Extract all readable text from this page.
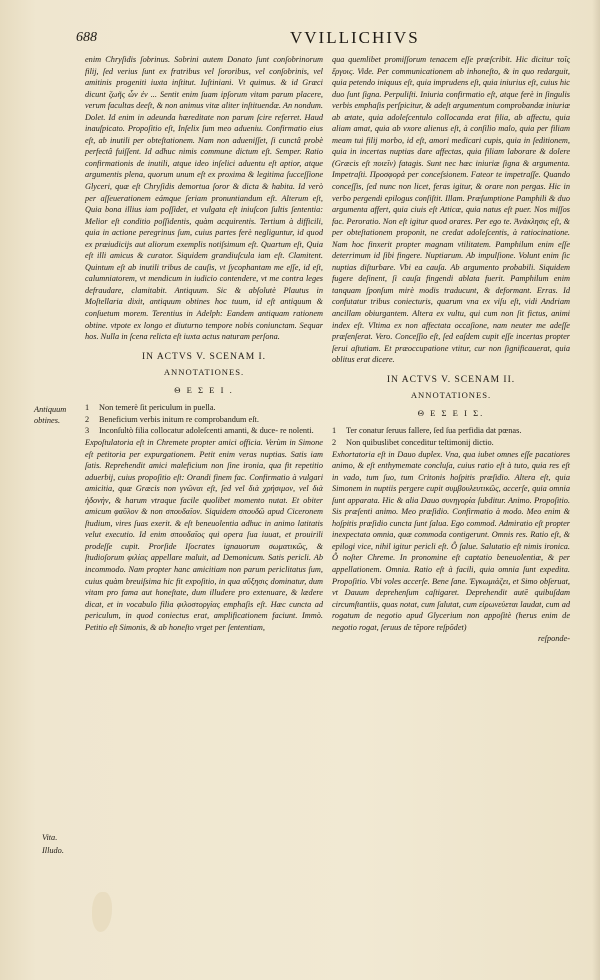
688	VVILLICHIVS

enim Chryſidis ſobrinus. Sobrini autem Donato ſunt conſobrinorum filij, ſed verius ſunt ex fratribus vel ſororibus, vel conſobrinis, vel amitinis progeniti iuxta inſtitut. Iuſtiniani. Vt quimus. & id Græci dicunt ζωῆς ὦν ἐν ... Sentit enim ſuam ipſorum vitam parum placere, verum facultas deeſt, & non animus vitæ aliter inſtituendæ. An nondum. Dolet. Id enim in adeunda hæreditate non parum ſcire referret. Haud inauſpicato. Propoſitio eſt, Inſelix ſum meo adueniu. Confirmatio eius eſt, ab inutili per obteſtationem. Nam non adueniſſet, ſi cunctâ probè perfectâ fuiſſent. Id adhuc nimis commune dictum eſt. Semper. Ratio confirmationis de inutili, atque ideo inſelici aduentu eſt aptior, atque argumentis plena, quorum unum eſt ex proxima & legitima ſucceſſione Glyceri, quæ eſt Chryſidis demortua ſoror & dicta & habita. Id verò per aſſeuerationem eámque ſeriam pronuntiandum eſt. Alterum eſt, Quia bona illius iam poſſidet, et vulgata eſt iniuſcon ſultis ſententia: Melior eſt conditio poſſidentis, quàm acquirentis. Tertium à difficili, quia in actione peregrinus ſum, cuius partes ferè negliguntur, id quod ex præiudicijs aut aliorum exemplis notiſsimum eſt. Quartum eſt, Quia eſt illi amicus & curator. Siquidem grandiuſcula iam eſt. Clamitent. Quintum eſt ab inutili tribus de cauſis, vt ſycophantam me eſſe, id eſt, calumniatorem, vt mendicum in iudicio contendere, vt me contra leges defraudare, clamitabit. Antiquum. Sic & abſolutè Plautus in Moſtellaria dixit, antiquum obtines hoc tuum, id eſt antiquum & conſuetum morem. Terentius in Adelph: Eandem antiquam rationem obtine. vtpote ex longo et diuturno tempore nobis coniunctam. Sequar hos. Nulla in ſcena relicta eſt iuxta actus naturam perſona.

IN ACTVS V. SCENAM I.
ANNOTATIONES.
Θ Ε Σ Ε Ι .
1 Non temerè ſit periculum in puella.
2 Beneficium verbis initum re comprobandum eſt.
3 Inconſultò filia collocatur adoleſcenti amanti, & duce- re nolenti.

Expoſtulatoria eſt in Chremete propter amici officia. Verùm in Simone eſt petitoria per expurgationem. Petit enim veras nuptias. Satis iam ſatis. Reprehendit amici maleficium non ſine ironia, qua fit repetitio aduerbij, cuius propoſitio eſt: Orandi finem fac. Confirmatio à vulgari amicitia, quæ Græcis non γνῶναι eſt, ſed vel διὰ χρήσιμον, vel διὰ ἡδονὴν, & harum vtraque facile quolibet momento nutat. Et obiter amicum φαῦλον & non σπουδαῖον. Siquidem σπουδῶ apud Ciceronem ſtudium, vires ſuas exerit. & eſt beneuolentia adhuc in animo latitatis velut executio. Id enim σπουδαῖος qui opera ſua iuuat, et prouirili prodeſſe cupit. Prorſide Iſocrates ignauorum σωματικῶς, & ſtudioſorum φιλίας appellare maluit, ad Demonicum. Satis pericli. Ab incommodo. Nam propter hanc amicitiam non parum periclitatus ſum, cuius quàm breuiſsima hic fit expoſitio, in qua αὔξησις dominatur, dum vitam pro fama aut honeſtate, dum illudere pro extenuare, & lædere dicat, et in vocabulo filia φιλοστοργίας emphaſis eſt. Hæc cuncta ad periculum, in quod coniectus erat, amplificationem faciunt. Immò. Petitio eſt Simonis, & ab honeſto vrget per ſententiam,

qua quemlibet promiſſorum tenacem eſſe præſcribit. Hic dicitur τοῖς ἔργοις. Vide. Per communicationem ab inhoneſto, & in quo redarguit, quia petendo iniquus eſt, quia imprudens eſt, quia iniurius eſt, cuius hic duo ſunt ſigna. Perpuliſti. Iniuria confirmatio eſt, atque ferè in ſingulis verbis emphaſis perſpicitur, & adeſt argumentum comprobandæ iniuriæ ab ætate, quia adoleſcentulo collocanda erat filia, ab affectu, quia aliam amat, quia ab vxore alienus eſt, à conſilio malo, quia per filiam meam tui filij morbo, id eſt, amori medicari cupis, quia in ſeditionem, quia in incertas nuptias dare affectas, quia filiam laborare & dolere (Græcis eſt ποιεῖν) fatagis. Sunt nec hæc iniuriæ ſigna & argumenta. Impetraſti. Προσφορά per conceſsionem. Fateor te impetraſſe. Quando conceſſis, ſed nunc non licet, feras igitur, & orare non pergas. Hic in verbo pergendi epilogus conſiſtit. Illam. Præſumptione Pamphili & duo argumenta affert, quia ciuis eſt Atticæ, quia natus eſt puer. Nos miſſos fac. Peroratio. Non eſt igitur quod orares. Per ego te. Ἀνάκλησις eſt, & per obteſtationem proponit, ne credat adoleſcentis, à ratiocinatione. Nam hoc finxerit propter magnam vtilitatem. Pamphilum enim eſſe deterrimum id ſibi fingere. Nuptiarum. Ab impulſione. Volunt enim ſic nuptias diſturbare. Vbi ea cauſa. Ab argumento probabili. Siquidem fugere deſinent, ſi cauſa fingendi ablata fuerit. Pamphilum enim tanquam ſponſum mirè modis traducunt, & deformant. Erras. Id confutatur tribus coniecturis, quarum vna ex viſu eſt, vidi Andriam ancillam obiurgantem. Altera ex vultu, qui cum non ſit fictus, animi index eſt. Vltima ex non affectata occaſione, nam neuter me adeſſe præſenſerat. Vero. Conceſſio eſt, ſed eaſdem cupit eſſe incertas propter ſerui aſtutiam. Et præoccupatione vtitur, cur non ſignificauerat, quia oblitus erat dicere.

IN ACTVS V. SCENAM II.
ANNOTATIONES.
Θ Ε Σ Ε Ι Σ.
1 Ter conatur ſeruus fallere, ſed ſua perfidia dat pœnas.
2 Non quibuslibet conceditur teſtimonij dictio.

Exhortatoria eſt in Dauo duplex. Vna, qua iubet omnes eſſe pacatiores animo, & eſt enthymemate concluſa, cuius ratio eſt à tuto, quia res eſt in vado, tum ſuo, tum Critonis hoſpitis præſidio. Altera eſt, quia Simonem in nuptiis pergere cupit συμβουλευτικῶς, accerſe, quia omnia ſunt apparata. Hic & alia Dauo συνηγορία ſubditur. Animo. Propoſitio. Sis præſenti animo. Meo præſidio. Confirmatio à modo. Meo enim & hoſpitis præſidio cuncta ſunt ſalua. Ego commod. Admiratio eſt propter inexpectata omnia, quæ commoda contigerunt. Omnis res. Ratio eſt, & epilogi vice, nihil igitur pericli eſt. Ô ſalue. Salutatio eſt nimis ironica. Ô noſter Chreme. In pronomine eſt captatio beneuolentiæ, & per appellationem. Omnia. Ratio eſt à facili, quia omnia ſunt expedita. Propoſitio. Vbi voles accerſe. Bene ſane. Ἐγκωμιάζει, et Simo obſeruat, vt Dauum deprehenſum caſtigaret. Deprehendit autē quibuſdam circumſtantiis, quas notat, cum ſalutat, cum εἰρωνεύεται laudat, cum ad rogatum de negotio apud Glycerium non appoſitè (herus enim de negotio rogat, ſeruus de tēpore reſpōdet)

reſponde-
Antiquum obtines.
Vita.
Illudo.
